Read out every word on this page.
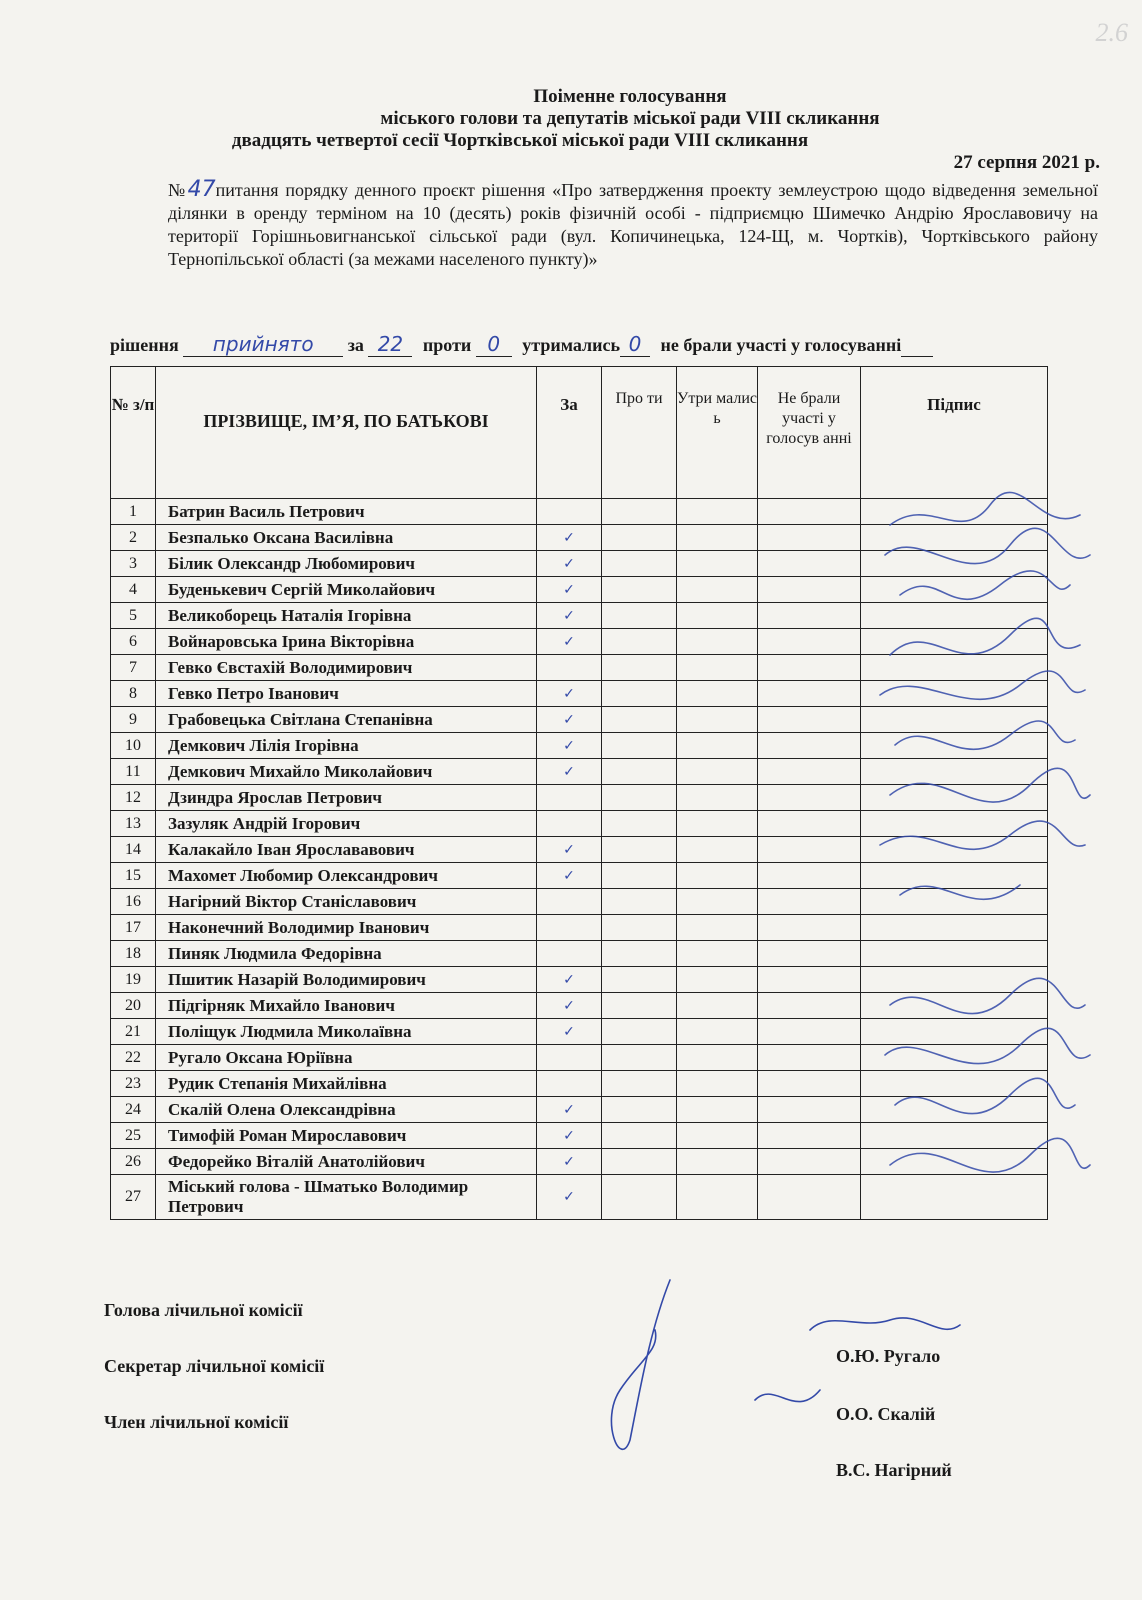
2.6
Поіменне голосування
міського голови та депутатів міської ради VIII скликання
двадцять четвертої сесії Чортківської міської ради VIII скликання
27 серпня 2021 р.
№47питання порядку денного проєкт рішення «Про затвердження проекту землеустрою щодо відведення земельної ділянки в оренду терміном на 10 (десять) років фізичній особі - підприємцю Шимечко Андрію Ярославовичу на території Горішньовигнанської сільської ради (вул. Копичинецька, 124-Щ, м. Чортків), Чортківського району Тернопільської області (за межами населеного пункту)»
рішення прийнято за 22 проти 0 утримались 0 не брали участі у голосуванні
№ з/п	ПРІЗВИЩЕ, ІМ’Я, ПО БАТЬКОВІ	За	Про ти	Утри малис ь	Не брали участі у голосув анні	Підпис
1	Батрин Василь Петрович					
2	Безпалько Оксана Василівна	✓				
3	Білик Олександр Любомирович	✓				
4	Буденькевич Сергій Миколайович	✓				
5	Великоборець Наталія Ігорівна	✓				
6	Войнаровська Ірина Вікторівна	✓				
7	Гевко Євстахій Володимирович					
8	Гевко Петро Іванович	✓				
9	Грабовецька Світлана Степанівна	✓				
10	Демкович Лілія Ігорівна	✓				
11	Демкович Михайло Миколайович	✓				
12	Дзиндра Ярослав Петрович					
13	Зазуляк Андрій Ігорович					
14	Калакайло Іван Ярослававович	✓				
15	Махомет Любомир Олександрович	✓				
16	Нагірний Віктор Станіславович					
17	Наконечний Володимир Іванович					
18	Пиняк Людмила Федорівна					
19	Пшитик Назарій Володимирович	✓				
20	Підгірняк Михайло Іванович	✓				
21	Поліщук Людмила Миколаївна	✓				
22	Ругало Оксана Юріївна					
23	Рудик Степанія Михайлівна					
24	Скалій Олена Олександрівна	✓				
25	Тимофій Роман Мирославович	✓				
26	Федорейко Віталій Анатолійович	✓				
27	Міський голова - Шматько Володимир Петрович	✓				
Голова лічильної комісії
О.Ю. Ругало
Секретар лічильної комісії
О.О. Скалій
Член лічильної комісії
В.С. Нагірний
